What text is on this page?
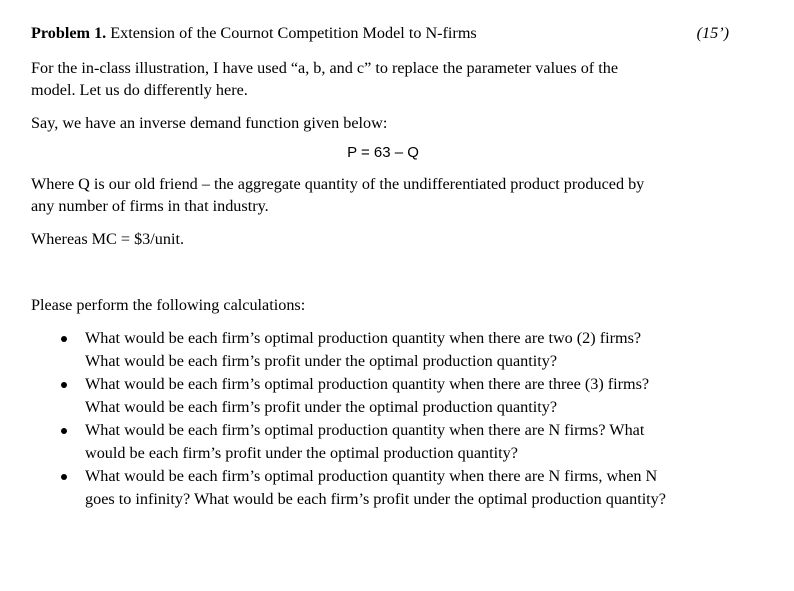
Problem 1. Extension of the Cournot Competition Model to N-firms	(15’)

For the in-class illustration, I have used “a, b, and c” to replace the parameter values of the
model. Let us do differently here.

Say, we have an inverse demand function given below:

P = 63 – Q

Where Q is our old friend – the aggregate quantity of the undifferentiated product produced by
any number of firms in that industry.

Whereas MC = $3/unit.

Please perform the following calculations:

What would be each firm’s optimal production quantity when there are two (2) firms?
What would be each firm’s profit under the optimal production quantity?
What would be each firm’s optimal production quantity when there are three (3) firms?
What would be each firm’s profit under the optimal production quantity?
What would be each firm’s optimal production quantity when there are N firms? What
would be each firm’s profit under the optimal production quantity?
What would be each firm’s optimal production quantity when there are N firms, when N
goes to infinity? What would be each firm’s profit under the optimal production quantity?
